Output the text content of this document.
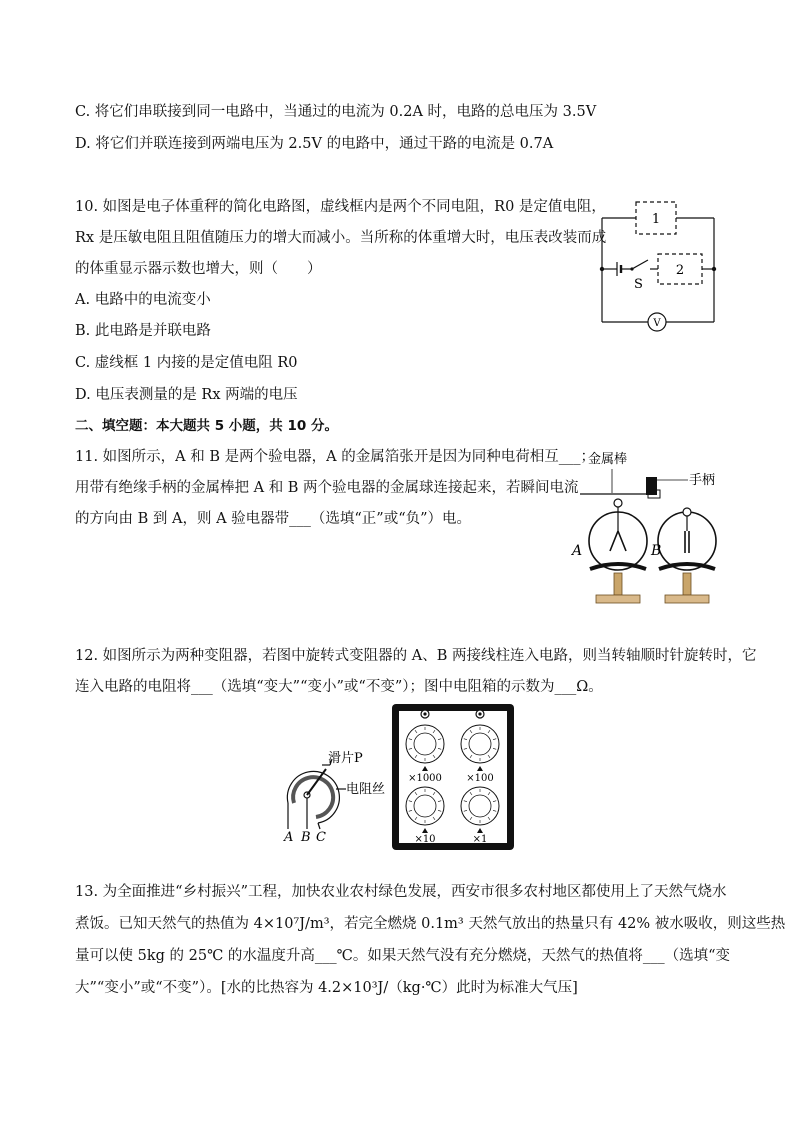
C. 将它们串联接到同一电路中，当通过的电流为 0.2A 时，电路的总电压为 3.5V
D. 将它们并联连接到两端电压为 2.5V 的电路中，通过干路的电流是 0.7A
10. 如图是电子体重秤的简化电路图，虚线框内是两个不同电阻，R0 是定值电阻，
Rx 是压敏电阻且阻值随压力的增大而减小。当所称的体重增大时，电压表改装而成
的体重显示器示数也增大，则（　　）
A. 电路中的电流变小
B. 此电路是并联电路
C. 虚线框 1 内接的是定值电阻 R0
D. 电压表测量的是 Rx 两端的电压
1
2
S
V
二、填空题：本大题共 5 小题，共 10 分。
11. 如图所示，A 和 B 是两个验电器，A 的金属箔张开是因为同种电荷相互___；
用带有绝缘手柄的金属棒把 A 和 B 两个验电器的金属球连接起来，若瞬间电流
的方向由 B 到 A，则 A 验电器带___（选填“正”或“负”）电。
金属棒
手柄
A	B
12. 如图所示为两种变阻器，若图中旋转式变阻器的 A、B 两接线柱连入电路，则当转轴顺时针旋转时，它
连入电路的电阻将___（选填“变大”“变小”或“不变”）；图中电阻箱的示数为___Ω。
滑片P
电阻丝
A B C
×1000 ×100
×10	×1
13. 为全面推进“乡村振兴”工程，加快农业农村绿色发展，西安市很多农村地区都使用上了天然气烧水
煮饭。已知天然气的热值为 4×10⁷J/m³，若完全燃烧 0.1m³ 天然气放出的热量只有 42% 被水吸收，则这些热
量可以使 5kg 的 25℃ 的水温度升高___℃。如果天然气没有充分燃烧，天然气的热值将___（选填“变
大”“变小”或“不变”）。[水的比热容为 4.2×10³J/（kg·℃）此时为标准大气压]
